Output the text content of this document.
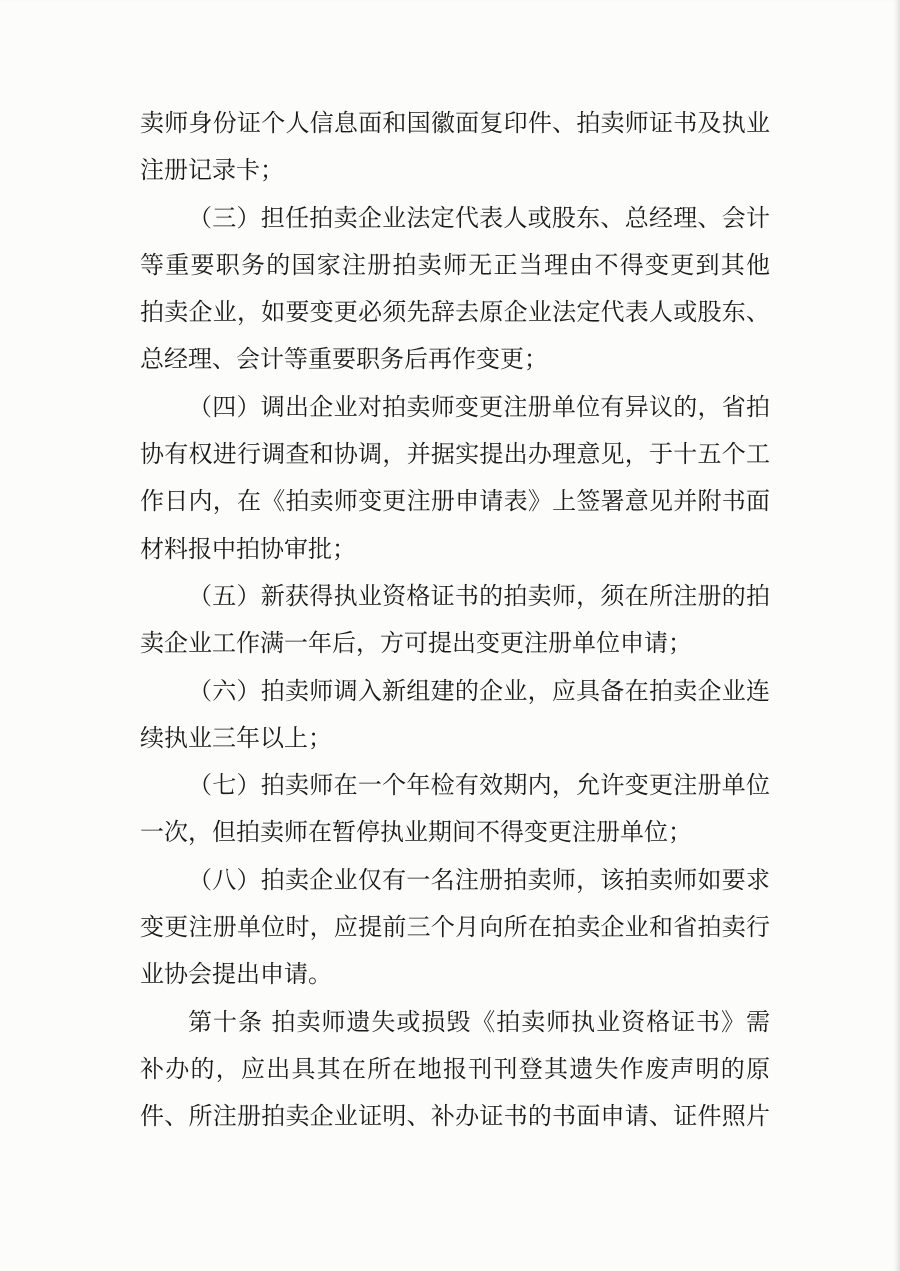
卖师身份证个人信息面和国徽面复印件、拍卖师证书及执业
注册记录卡；
（三）担任拍卖企业法定代表人或股东、总经理、会计
等重要职务的国家注册拍卖师无正当理由不得变更到其他
拍卖企业，如要变更必须先辞去原企业法定代表人或股东、
总经理、会计等重要职务后再作变更；
（四）调出企业对拍卖师变更注册单位有异议的，省拍
协有权进行调查和协调，并据实提出办理意见，于十五个工
作日内，在《拍卖师变更注册申请表》上签署意见并附书面
材料报中拍协审批；
（五）新获得执业资格证书的拍卖师，须在所注册的拍
卖企业工作满一年后，方可提出变更注册单位申请；
（六）拍卖师调入新组建的企业，应具备在拍卖企业连
续执业三年以上；
（七）拍卖师在一个年检有效期内，允许变更注册单位
一次，但拍卖师在暂停执业期间不得变更注册单位；
（八）拍卖企业仅有一名注册拍卖师，该拍卖师如要求
变更注册单位时，应提前三个月向所在拍卖企业和省拍卖行
业协会提出申请。
第十条 拍卖师遗失或损毁《拍卖师执业资格证书》需
补办的，应出具其在所在地报刊刊登其遗失作废声明的原
件、所注册拍卖企业证明、补办证书的书面申请、证件照片
